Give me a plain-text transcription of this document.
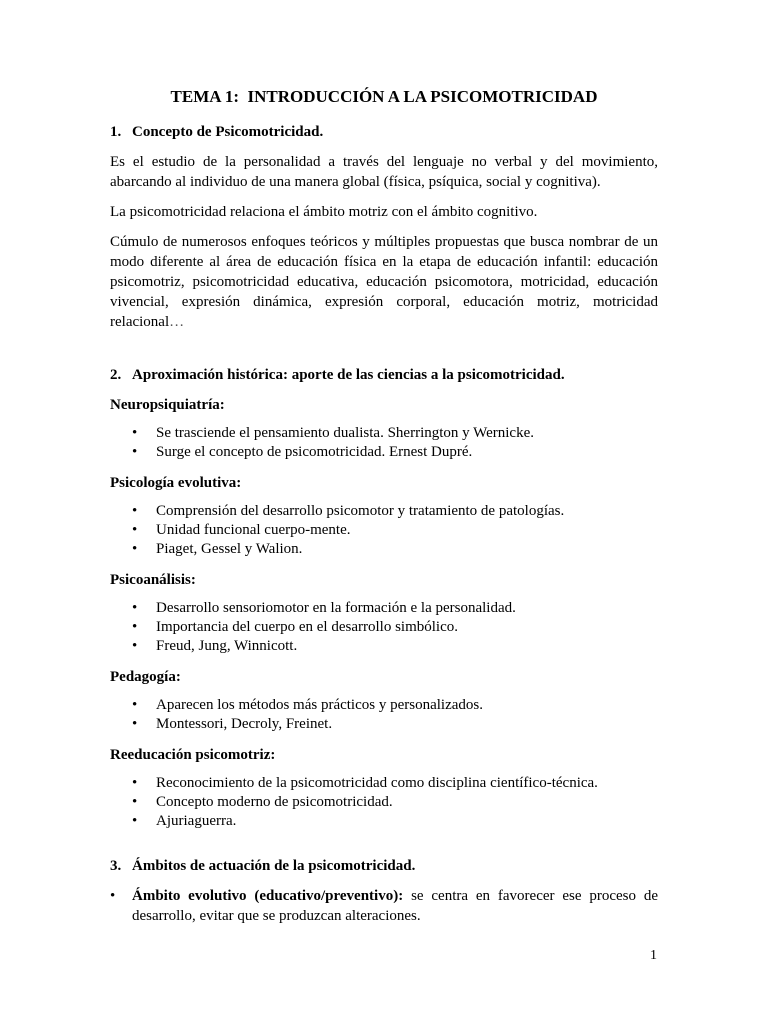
TEMA 1:  INTRODUCCIÓN A LA PSICOMOTRICIDAD
1. Concepto de Psicomotricidad.

Es el estudio de la personalidad a través del lenguaje no verbal y del movimiento, abarcando al individuo de una manera global (física, psíquica, social y cognitiva).

La psicomotricidad relaciona el ámbito motriz con el ámbito cognitivo.

Cúmulo de numerosos enfoques teóricos y múltiples propuestas que busca nombrar de un modo diferente al área de educación física en la etapa de educación infantil: educación psicomotriz, psicomotricidad educativa, educación psicomotora, motricidad, educación vivencial, expresión dinámica, expresión corporal, educación motriz, motricidad relacional…

2. Aproximación histórica: aporte de las ciencias a la psicomotricidad.
Neuropsiquiatría:
• Se trasciende el pensamiento dualista. Sherrington y Wernicke.
• Surge el concepto de psicomotricidad. Ernest Dupré.
Psicología evolutiva:
• Comprensión del desarrollo psicomotor y tratamiento de patologías.
• Unidad funcional cuerpo-mente.
• Piaget, Gessel y Walion.
Psicoanálisis:
• Desarrollo sensoriomotor en la formación e la personalidad.
• Importancia del cuerpo en el desarrollo simbólico.
• Freud, Jung, Winnicott.
Pedagogía:
• Aparecen los métodos más prácticos y personalizados.
• Montessori, Decroly, Freinet.
Reeducación psicomotriz:
• Reconocimiento de la psicomotricidad como disciplina científico-técnica.
• Concepto moderno de psicomotricidad.
• Ajuriaguerra.
3. Ámbitos de actuación de la psicomotricidad.
• Ámbito evolutivo (educativo/preventivo): se centra en favorecer ese proceso de desarrollo, evitar que se produzcan alteraciones.
1
